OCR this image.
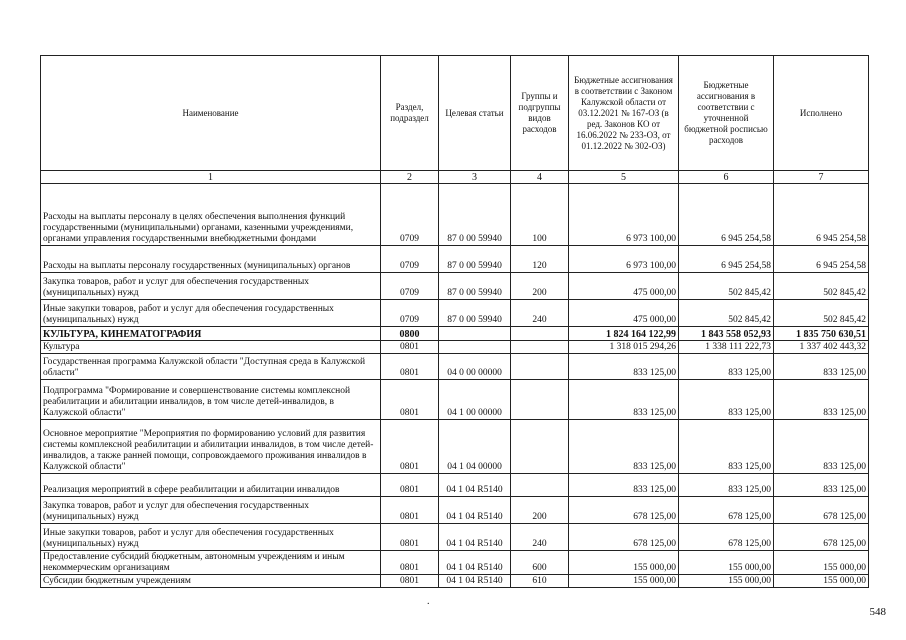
Наименование	Раздел, подраздел	Целевая статьи	Группы и подгруппы видов расходов	Бюджетные ассигнования в соответствии с Законом Калужской области от 03.12.2021 № 167-ОЗ (в ред. Законов КО от 16.06.2022 № 233-ОЗ, от 01.12.2022 № 302-ОЗ)	Бюджетные ассигнования в соответствии с уточненной бюджетной росписью расходов	Исполнено
1	2	3	4	5	6	7
Расходы на выплаты персоналу в целях обеспечения выполнения функций государственными (муниципальными) органами, казенными учреждениями, органами управления государственными внебюджетными фондами	0709	87 0 00 59940	100	6 973 100,00	6 945 254,58	6 945 254,58
Расходы на выплаты персоналу государственных (муниципальных) органов	0709	87 0 00 59940	120	6 973 100,00	6 945 254,58	6 945 254,58
Закупка товаров, работ и услуг для обеспечения государственных (муниципальных) нужд	0709	87 0 00 59940	200	475 000,00	502 845,42	502 845,42
Иные закупки товаров, работ и услуг для обеспечения государственных (муниципальных) нужд	0709	87 0 00 59940	240	475 000,00	502 845,42	502 845,42
КУЛЬТУРА, КИНЕМАТОГРАФИЯ	0800			1 824 164 122,99	1 843 558 052,93	1 835 750 630,51
Культура	0801			1 318 015 294,26	1 338 111 222,73	1 337 402 443,32
Государственная программа Калужской области "Доступная среда в Калужской области"	0801	04 0 00 00000		833 125,00	833 125,00	833 125,00
Подпрограмма "Формирование и совершенствование системы комплексной реабилитации и абилитации инвалидов, в том числе детей-инвалидов, в Калужской области"	0801	04 1 00 00000		833 125,00	833 125,00	833 125,00
Основное мероприятие "Мероприятия по формированию условий для развития системы комплексной реабилитации и абилитации инвалидов, в том числе детей-инвалидов, а также ранней помощи, сопровождаемого проживания инвалидов в Калужской области"	0801	04 1 04 00000		833 125,00	833 125,00	833 125,00
Реализация мероприятий в сфере реабилитации и абилитации инвалидов	0801	04 1 04 R5140		833 125,00	833 125,00	833 125,00
Закупка товаров, работ и услуг для обеспечения государственных (муниципальных) нужд	0801	04 1 04 R5140	200	678 125,00	678 125,00	678 125,00
Иные закупки товаров, работ и услуг для обеспечения государственных (муниципальных) нужд	0801	04 1 04 R5140	240	678 125,00	678 125,00	678 125,00
Предоставление субсидий бюджетным, автономным учреждениям и иным некоммерческим организациям	0801	04 1 04 R5140	600	155 000,00	155 000,00	155 000,00
Субсидии бюджетным учреждениям	0801	04 1 04 R5140	610	155 000,00	155 000,00	155 000,00
.
548
